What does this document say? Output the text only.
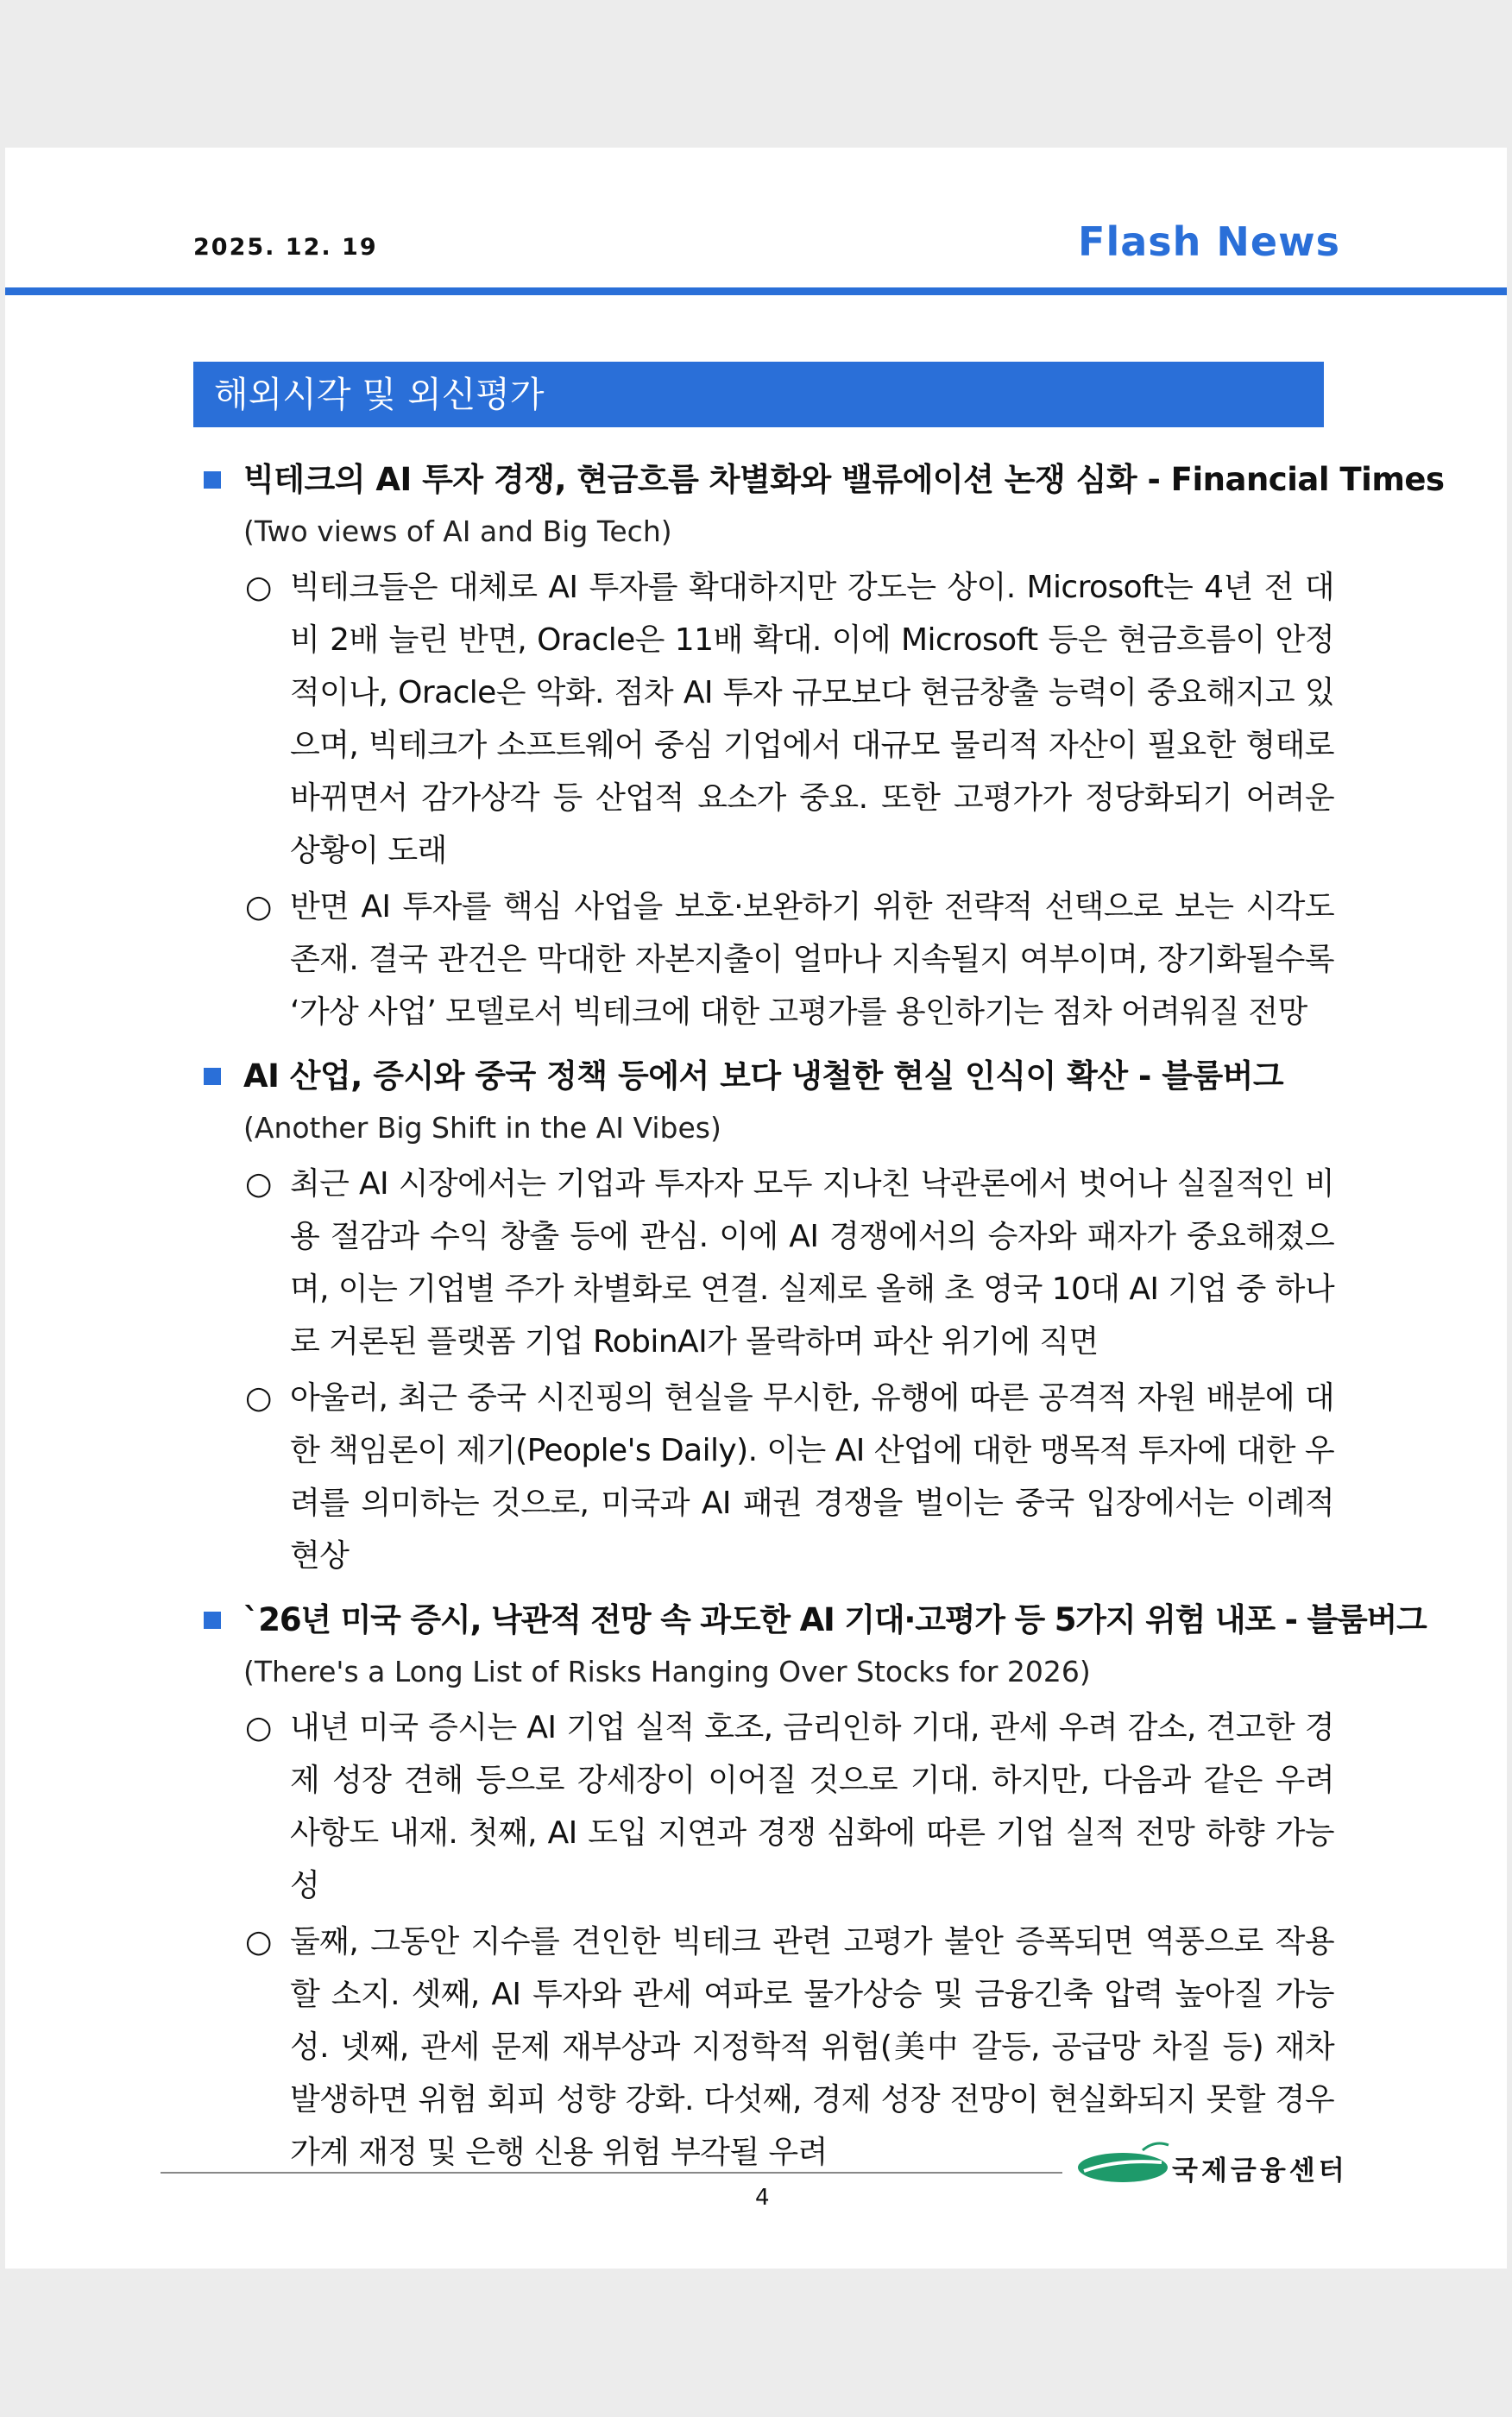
2025. 12. 19	Flash News
해외시각 및 외신평가
빅테크의 AI 투자 경쟁, 현금흐름 차별화와 밸류에이션 논쟁 심화 - Financial Times
(Two views of AI and Big Tech)
○ 빅테크들은 대체로 AI 투자를 확대하지만 강도는 상이. Microsoft는 4년 전 대비 2배 늘린 반면, Oracle은 11배 확대. 이에 Microsoft 등은 현금흐름이 안정적이나, Oracle은 악화. 점차 AI 투자 규모보다 현금창출 능력이 중요해지고 있으며, 빅테크가 소프트웨어 중심 기업에서 대규모 물리적 자산이 필요한 형태로 바뀌면서 감가상각 등 산업적 요소가 중요. 또한 고평가가 정당화되기 어려운 상황이 도래
○ 반면 AI 투자를 핵심 사업을 보호·보완하기 위한 전략적 선택으로 보는 시각도 존재. 결국 관건은 막대한 자본지출이 얼마나 지속될지 여부이며, 장기화될수록 ‘가상 사업’ 모델로서 빅테크에 대한 고평가를 용인하기는 점차 어려워질 전망
AI 산업, 증시와 중국 정책 등에서 보다 냉철한 현실 인식이 확산 - 블룸버그
(Another Big Shift in the AI Vibes)
○ 최근 AI 시장에서는 기업과 투자자 모두 지나친 낙관론에서 벗어나 실질적인 비용 절감과 수익 창출 등에 관심. 이에 AI 경쟁에서의 승자와 패자가 중요해졌으며, 이는 기업별 주가 차별화로 연결. 실제로 올해 초 영국 10대 AI 기업 중 하나로 거론된 플랫폼 기업 RobinAI가 몰락하며 파산 위기에 직면
○ 아울러, 최근 중국 시진핑의 현실을 무시한, 유행에 따른 공격적 자원 배분에 대한 책임론이 제기(People's Daily). 이는 AI 산업에 대한 맹목적 투자에 대한 우려를 의미하는 것으로, 미국과 AI 패권 경쟁을 벌이는 중국 입장에서는 이례적 현상
`26년 미국 증시, 낙관적 전망 속 과도한 AI 기대·고평가 등 5가지 위험 내포 - 블룸버그
(There's a Long List of Risks Hanging Over Stocks for 2026)
○ 내년 미국 증시는 AI 기업 실적 호조, 금리인하 기대, 관세 우려 감소, 견고한 경제 성장 견해 등으로 강세장이 이어질 것으로 기대. 하지만, 다음과 같은 우려 사항도 내재. 첫째, AI 도입 지연과 경쟁 심화에 따른 기업 실적 전망 하향 가능성
○ 둘째, 그동안 지수를 견인한 빅테크 관련 고평가 불안 증폭되면 역풍으로 작용할 소지. 셋째, AI 투자와 관세 여파로 물가상승 및 금융긴축 압력 높아질 가능성. 넷째, 관세 문제 재부상과 지정학적 위험(美中 갈등, 공급망 차질 등) 재차 발생하면 위험 회피 성향 강화. 다섯째, 경제 성장 전망이 현실화되지 못할 경우 가계 재정 및 은행 신용 위험 부각될 우려
국제금융센터
4
